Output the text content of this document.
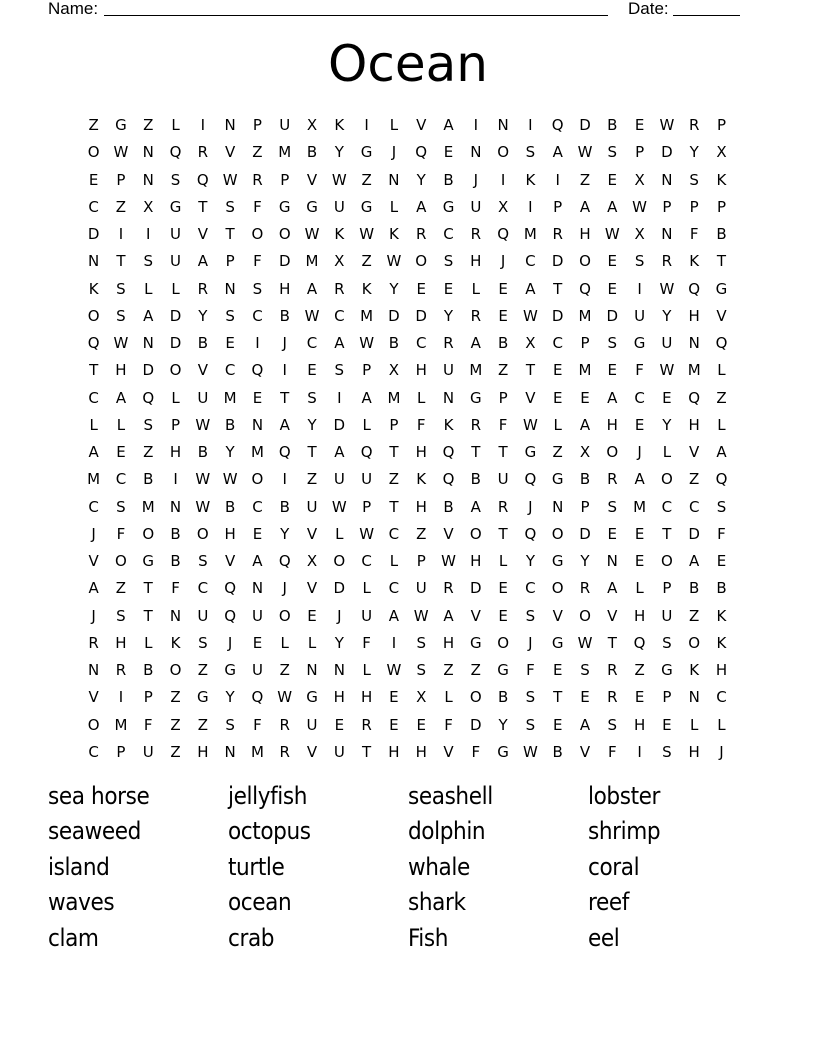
Name:	Date:
Ocean
Z	G	Z	L	I	N	P	U	X	K	I	L	V	A	I	N	I	Q	D	B	E	W R	P
O W N	Q	R	V	Z	M	B	Y	G	J	Q	E	N	O	S	A W	S	P	D	Y	X
E	P	N	S	Q W R	P	V W Z	N	Y	B	J	I	K	I	Z	E	X	N	S	K
C	Z	X	G	T	S	F	G	G	U	G	L	A	G	U	X	I	P	A	A W	P	P	P
D	I	I	U	V	T	O	O W K W K	R	C	R	Q M	R	H W X	N	F	B
N	T	S	U	A	P	F	D	M	X	Z W O	S	H	J	C	D	O	E	S	R	K	T
K	S	L	L	R	N	S	H	A	R	K	Y	E	E	L	E	A	T	Q	E	I	W Q	G
O	S	A	D	Y	S	C	B W C	M	D	D	Y	R	E	W D	M	D	U	Y	H	V
Q W N	D	B	E	I	J	C	A W B	C	R	A	B	X	C	P	S	G	U	N	Q
T	H	D	O	V	C	Q	I	E	S	P	X	H	U	M	Z	T	E	M	E	F	W M	L
C	A	Q	L	U	M	E	T	S	I	A	M	L	N	G	P	V	E	E	A	C	E	Q	Z
L	L	S	P	W B	N	A	Y	D	L	P	F	K	R	F	W	L	A	H	E	Y	H	L
A	E	Z	H	B	Y	M Q	T	A	Q	T	H	Q	T	T	G	Z	X	O	J	L	V	A
M	C	B	I	W W O	I	Z	U	U	Z	K	Q	B	U	Q	G	B	R	A	O	Z	Q
C	S	M	N W B	C	B	U W	P	T	H	B	A	R	J	N	P	S	M	C	C	S
J	F	O	B	O	H	E	Y	V	L	W C	Z	V	O	T	Q	O	D	E	E	T	D	F
V	O	G	B	S	V	A	Q	X	O	C	L	P	W H	L	Y	G	Y	N	E	O	A	E
A	Z	T	F	C	Q	N	J	V	D	L	C	U	R	D	E	C	O	R	A	L	P	B	B
J	S	T	N	U	Q	U	O	E	J	U	A W A	V	E	S	V	O	V	H	U	Z	K
R	H	L	K	S	J	E	L	L	Y	F	I	S	H	G	O	J	G W	T	Q	S	O	K
N	R	B	O	Z	G	U	Z	N	N	L	W	S	Z	Z	G	F	E	S	R	Z	G	K	H
V	I	P	Z	G	Y	Q W G	H	H	E	X	L	O	B	S	T	E	R	E	P	N	C
O M	F	Z	Z	S	F	R	U	E	R	E	E	F	D	Y	S	E	A	S	H	E	L	L
C	P	U	Z	H	N	M	R	V	U	T	H	H	V	F	G W B	V	F	I	S	H	J
sea horse	jellyfish	seashell	lobster
seaweed	octopus	dolphin	shrimp
island	turtle	whale	coral
waves	ocean	shark	reef
clam	crab	Fish	eel
